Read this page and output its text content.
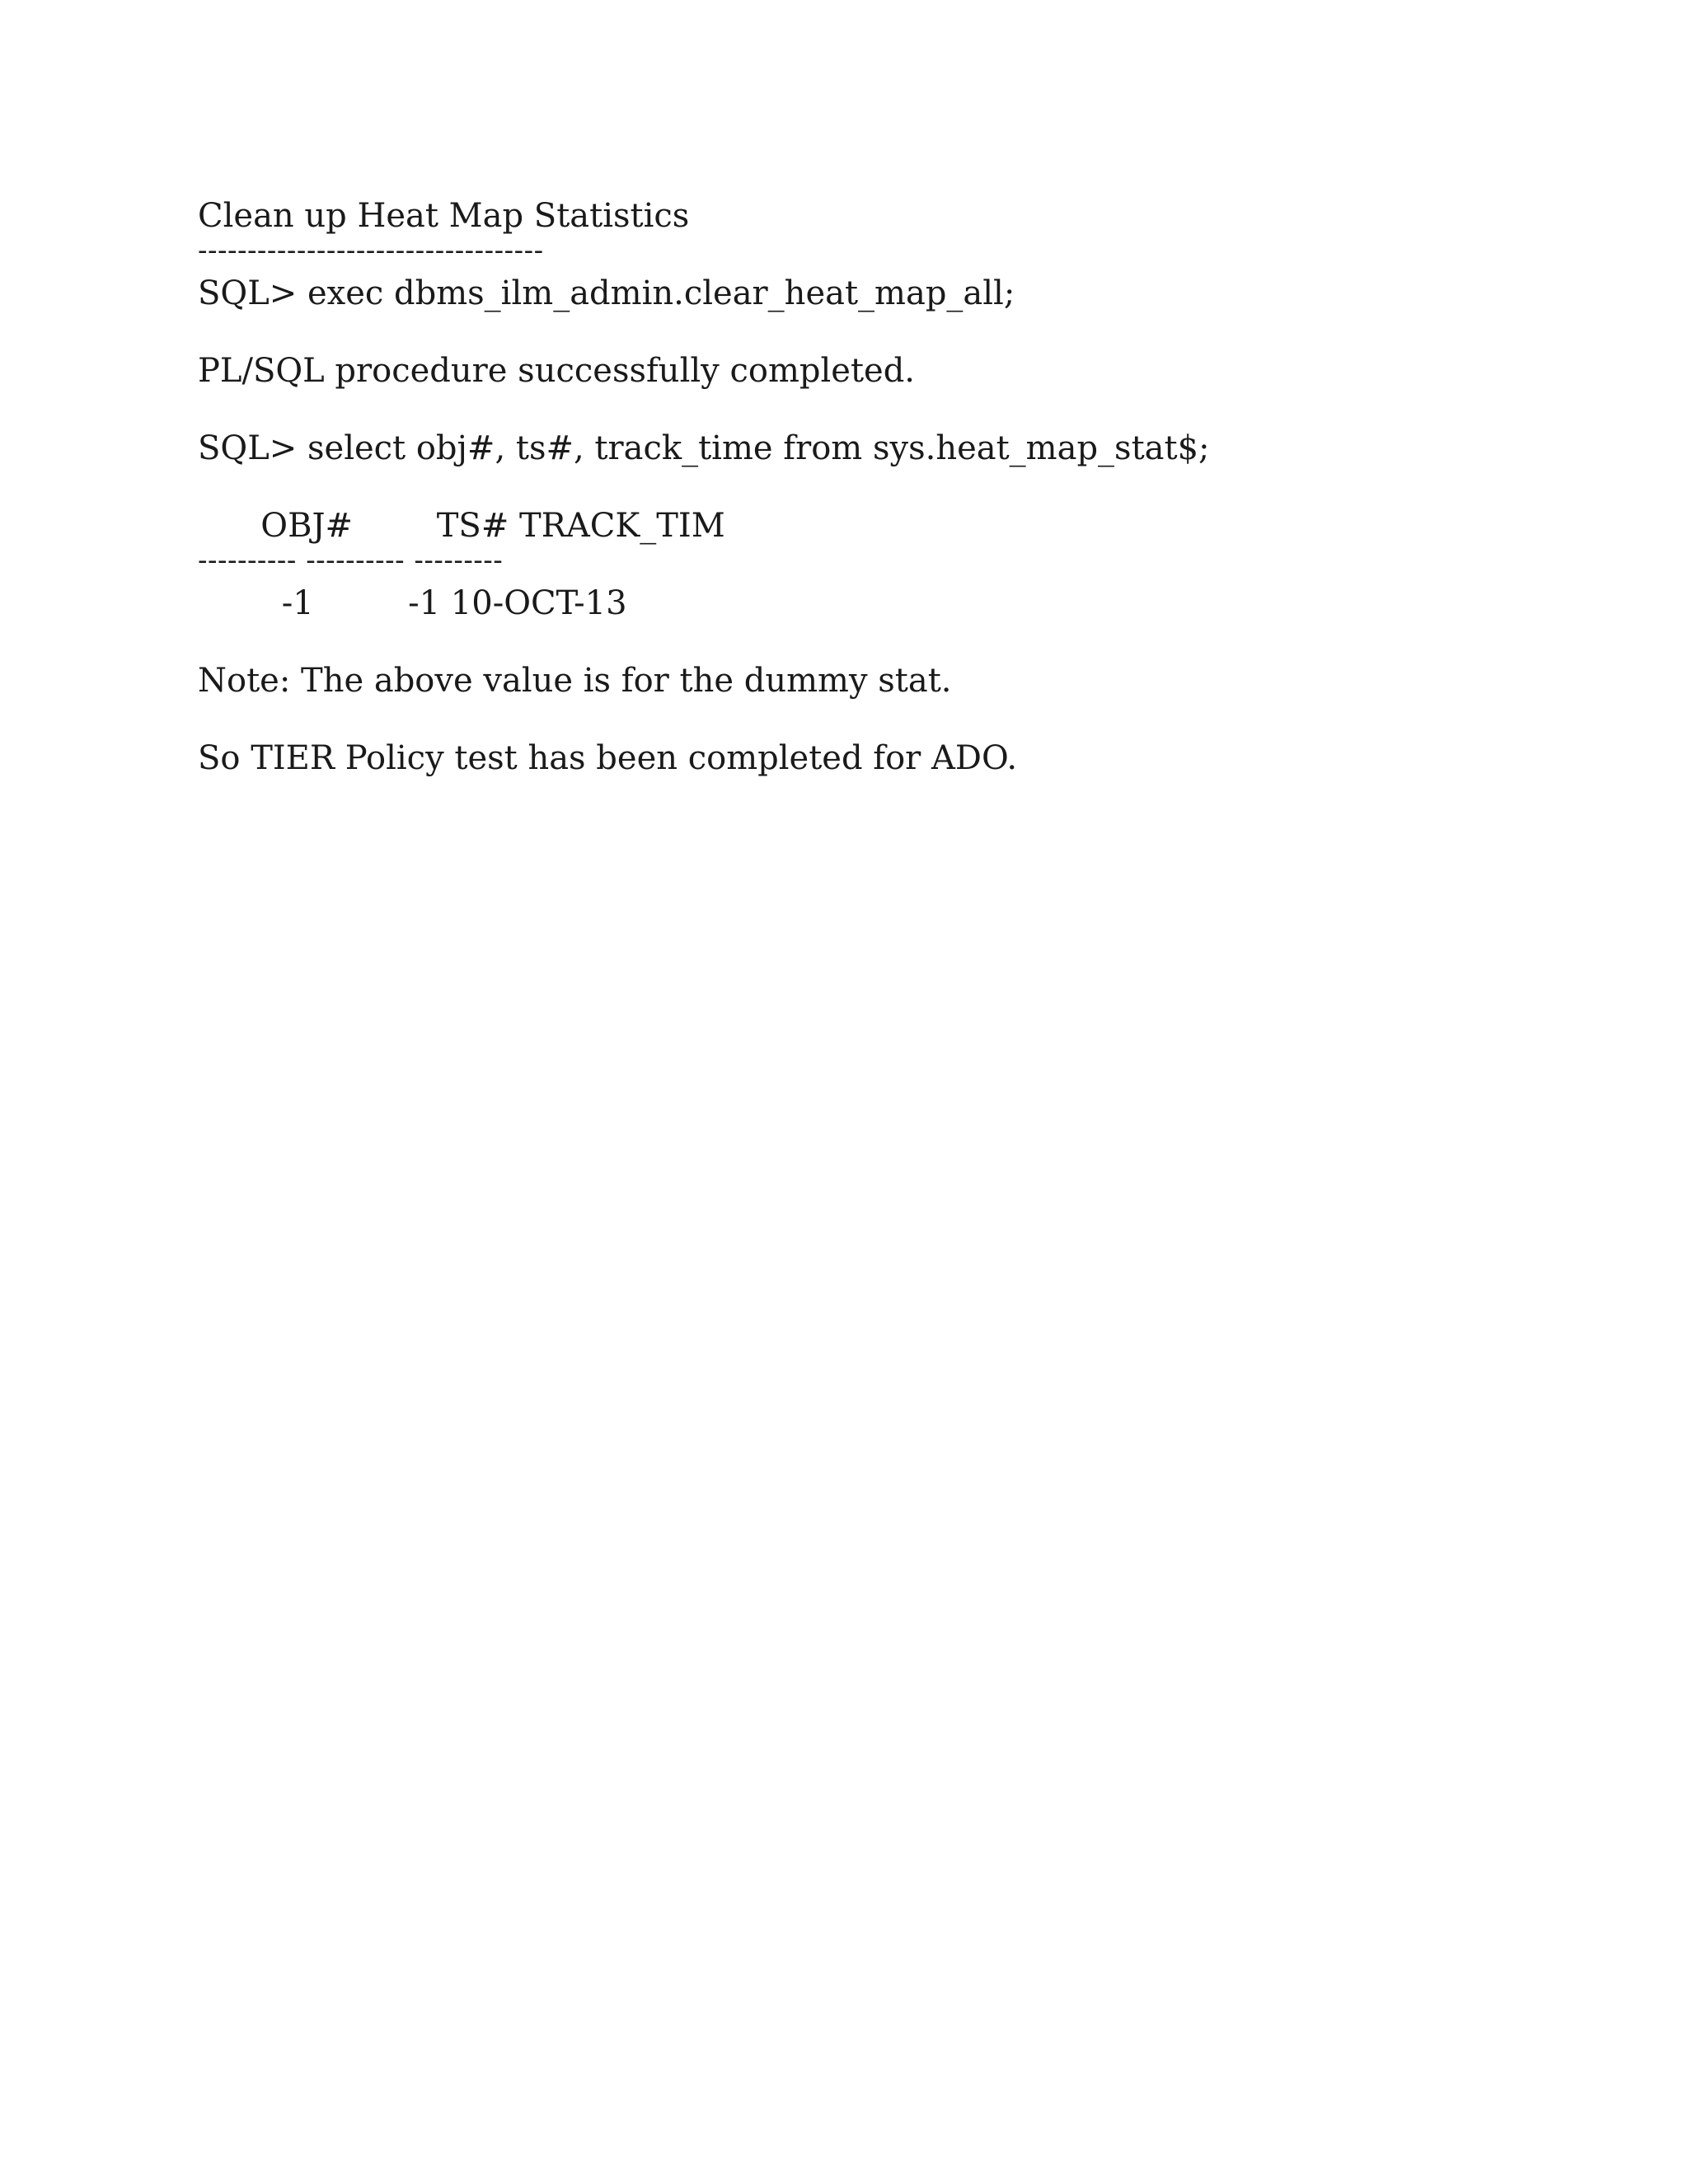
Clean up Heat Map Statistics

-----------------------------------

SQL> exec dbms_ilm_admin.clear_heat_map_all;

PL/SQL procedure successfully completed.

SQL> select obj#, ts#, track_time from sys.heat_map_stat$;

OBJ#        TS# TRACK_TIM

---------- ---------- ---------

-1         -1 10-OCT-13

Note: The above value is for the dummy stat.

So TIER Policy test has been completed for ADO.
